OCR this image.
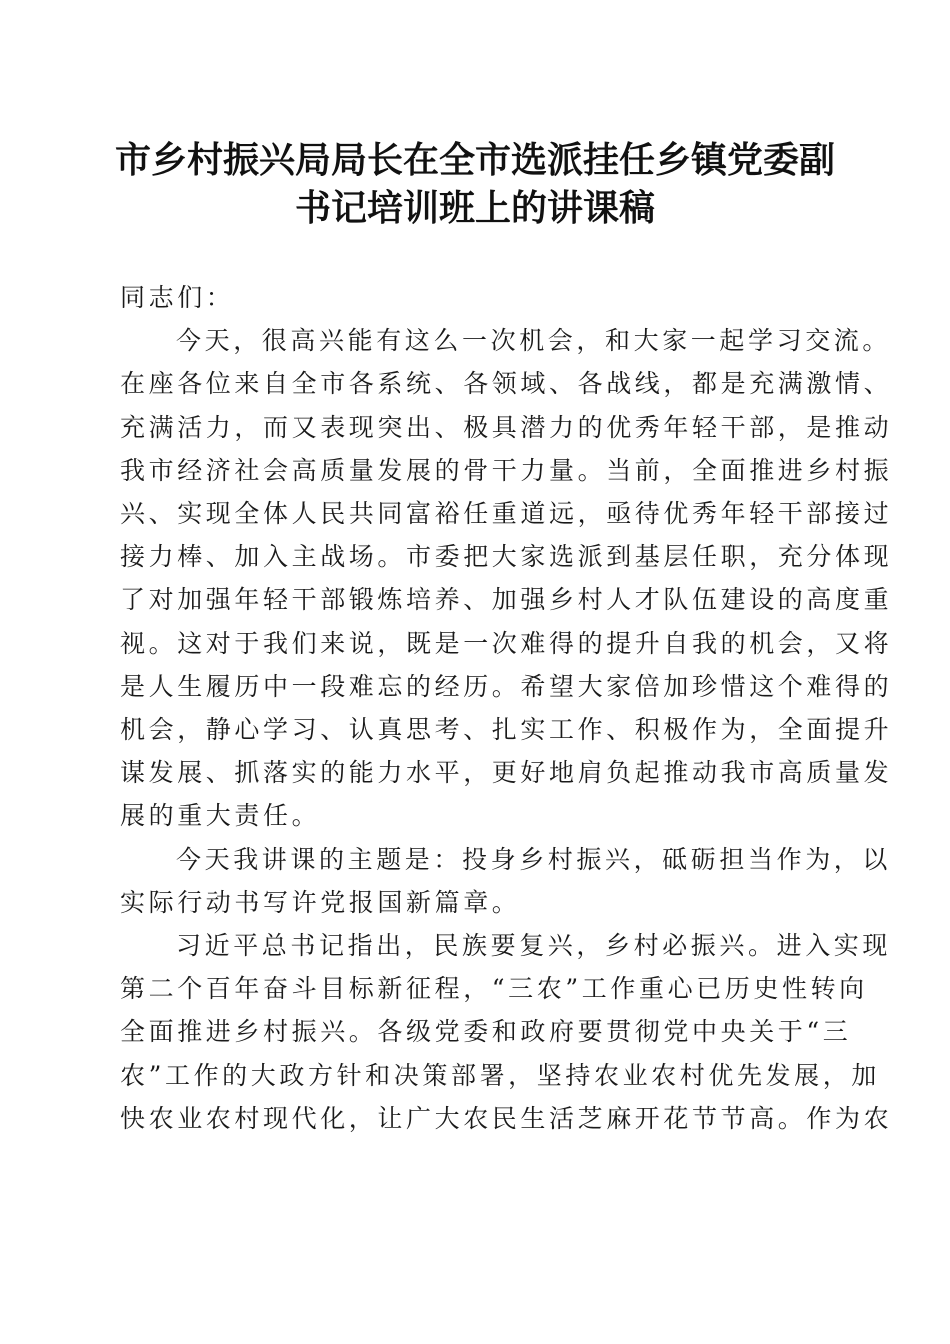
市乡村振兴局局长在全市选派挂任乡镇党委副
书记培训班上的讲课稿

同志们：

今天，很高兴能有这么一次机会，和大家一起学习交流。
在座各位来自全市各系统、各领域、各战线，都是充满激情、
充满活力，而又表现突出、极具潜力的优秀年轻干部，是推动
我市经济社会高质量发展的骨干力量。当前，全面推进乡村振
兴、实现全体人民共同富裕任重道远，亟待优秀年轻干部接过
接力棒、加入主战场。市委把大家选派到基层任职，充分体现
了对加强年轻干部锻炼培养、加强乡村人才队伍建设的高度重
视。这对于我们来说，既是一次难得的提升自我的机会，又将
是人生履历中一段难忘的经历。希望大家倍加珍惜这个难得的
机会，静心学习、认真思考、扎实工作、积极作为，全面提升
谋发展、抓落实的能力水平，更好地肩负起推动我市高质量发
展的重大责任。

今天我讲课的主题是：投身乡村振兴，砥砺担当作为，以
实际行动书写许党报国新篇章。

习近平总书记指出，民族要复兴，乡村必振兴。进入实现
第二个百年奋斗目标新征程，“三农”工作重心已历史性转向
全面推进乡村振兴。各级党委和政府要贯彻党中央关于“三
农”工作的大政方针和决策部署，坚持农业农村优先发展，加
快农业农村现代化，让广大农民生活芝麻开花节节高。作为农
